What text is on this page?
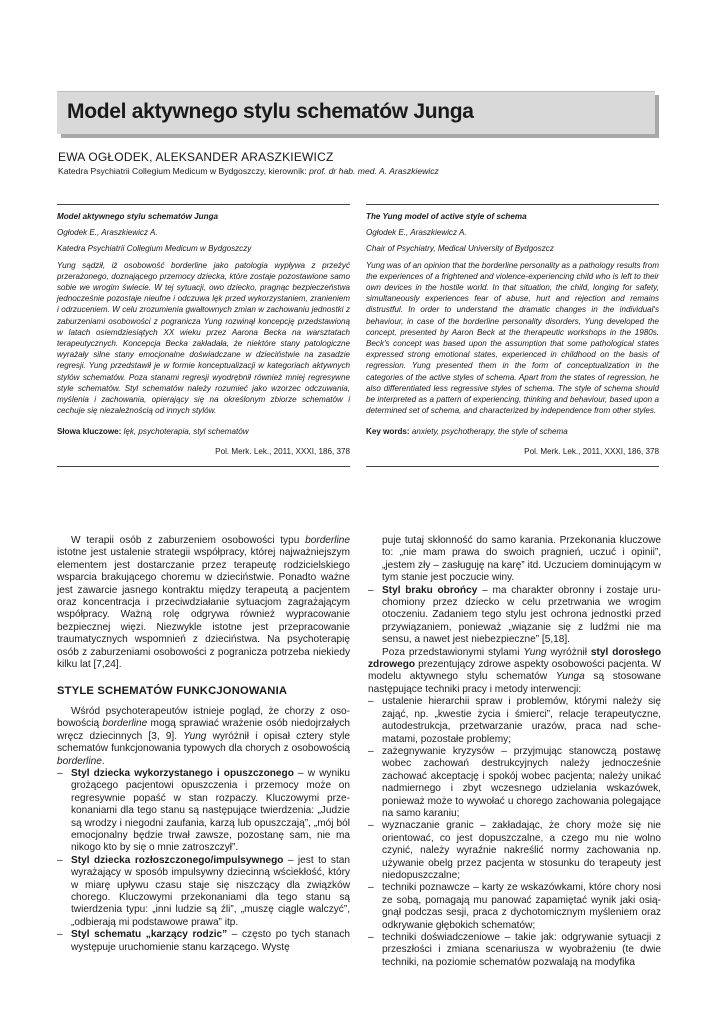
Model aktywnego stylu schematów Junga
EWA OGŁODEK, ALEKSANDER ARASZKIEWICZ
Katedra Psychiatrii Collegium Medicum w Bydgoszczy, kierownik: prof. dr hab. med. A. Araszkiewicz

Model aktywnego stylu schematów Junga

Ogłodek E., Araszkiewicz A.

Katedra Psychiatrii Collegium Medicum w Bydgoszczy

Yung sądził, iż osobowość borderline jako patologia wypływa z przeżyć przerażonego, doznającego przemocy dziecka, które zostaje pozostawione samo sobie we wrogim świecie. W tej sytuacji, owo dziecko, pragnąc bezpieczeństwa jednocześnie pozostaje nieufne i odczuwa lęk przed wykorzystaniem, zranieniem i odrzuceniem. W celu zrozumienia gwałtownych zmian w zachowaniu jednostki z zaburzeniami osobowości z pogranicza Yung rozwinął koncepcję przedstawioną w latach osiemdziesiątych XX wieku przez Aarona Becka na warsztatach terapeutycznych. Koncepcja Becka zakładała, że niektóre stany patologiczne wyrażały silne stany emocjonalne doświadczane w dzieciństwie na zasadzie regresji. Yung przedstawił je w formie konceptualizacji w kategoriach aktywnych stylów schematów. Poza stanami regresji wyodrębnił również mniej regresywne style schematów. Styl schematów należy rozumieć jako wzorzec odczuwania, myślenia i zachowania, opierający się na określonym zbiorze schematów i cechuje się niezależnością od innych stylów.

Słowa kluczowe: lęk, psychoterapia, styl schematów

Pol. Merk. Lek., 2011, XXXI, 186, 378

The Yung model of active style of schema

Ogłodek E., Araszkiewicz A.

Chair of Psychiatry, Medical University of Bydgoszcz

Yung was of an opinion that the borderline personality as a pathology results from the experiences of a frightened and violence-experiencing child who is left to their own devices in the hostile world. In that situation, the child, longing for safety, simultaneously experiences fear of abuse, hurt and rejection and remains distrustful. In order to understand the dramatic changes in the individual's behaviour, in case of the borderline personality disorders, Yung developed the concept, presented by Aaron Beck at the therapeutic workshops in the 1980s. Beck's concept was based upon the assumption that some pathological states expressed strong emotional states, experienced in childhood on the basis of regression. Yung presented them in the form of conceptualization in the categories of the active styles of schema. Apart from the states of regression, he also differentiated less regressive styles of schema. The style of schema should be interpreted as a pattern of experiencing, thinking and behaviour, based upon a determined set of schema, and characterized by independence from other styles.

Key words: anxiety, psychotherapy, the style of schema

Pol. Merk. Lek., 2011, XXXI, 186, 378

W terapii osób z zaburzeniem osobowości typu borderline istotne jest ustalenie strategii współpracy, której najważniejszym elementem jest dostarczanie przez terapeutę rodzicielskiego wsparcia brakującego choremu w dzieciństwie. Ponadto ważne jest zawarcie jasnego kontraktu między terapeutą a pacjentem oraz koncentracja i przeciwdziałanie sytuacjom zagrażającym współpracy. Ważną rolę odgrywa również wypracowanie bezpiecznej więzi. Niezwykle istotne jest przepracowanie traumatycznych wspomnień z dzieciństwa. Na psychoterapię osób z zaburzeniami osobowości z pogranicza potrzeba niekiedy kilku lat [7,24].

STYLE SCHEMATÓW FUNKCJONOWANIA

Wśród psychoterapeutów istnieje pogląd, że chorzy z osobowością borderline mogą sprawiać wrażenie osób niedojrzałych wręcz dziecinnych [3, 9]. Yung wyróżnił i opisał cztery style schematów funkcjonowania typowych dla chorych z osobowością borderline.

– Styl dziecka wykorzystanego i opuszczonego – w wyniku grożącego pacjentowi opuszczenia i przemocy może on regresywnie popaść w stan rozpaczy. Kluczowymi przekonaniami dla tego stanu są następujące twierdzenia: „Judzie są wrodzy i niegodni zaufania, karzą lub opuszczają”, „mój ból emocjonalny będzie trwał zawsze, pozostanę sam, nie ma nikogo kto by się o mnie zatroszczył”.
– Styl dziecka rozłoszczonego/impulsywnego – jest to stan wyrażający w sposób impulsywny dziecinną wściekłość, który w miarę upływu czasu staje się niszczący dla związków chorego. Kluczowymi przekonaniami dla tego stanu są twierdzenia typu: „inni ludzie są źli”, „muszę ciągle walczyć”, „odbierają mi podstawowe prawa” itp.
– Styl schematu „karzący rodzic” – często po tych stanach występuje uruchomienie stanu karzącego. Wystę

puje tutaj skłonność do samo karania. Przekonania kluczowe to: „nie mam prawa do swoich pragnień, uczuć i opinii”, „jestem zły – zasługuję na karę” itd. Uczuciem dominującym w tym stanie jest poczucie winy.

– Styl braku obrońcy – ma charakter obronny i zostaje uruchomiony przez dziecko w celu przetrwania we wrogim otoczeniu. Zadaniem tego stylu jest ochrona jednostki przed przywiązaniem, ponieważ „wiązanie się z ludźmi nie ma sensu, a nawet jest niebezpieczne” [5,18].

Poza przedstawionymi stylami Yung wyróżnił styl dorosłego zdrowego prezentujący zdrowe aspekty osobowości pacjenta. W modelu aktywnego stylu schematów Yunga są stosowane następujące techniki pracy i metody interwencji:

– ustalenie hierarchii spraw i problemów, którymi należy się zająć, np. „kwestie życia i śmierci”, relacje terapeutyczne, autodestrukcja, przetwarzanie urazów, praca nad schematami, pozostałe problemy;
– zażegnywanie kryzysów – przyjmując stanowczą postawę wobec zachowań destrukcyjnych należy jednocześnie zachować akceptację i spokój wobec pacjenta; należy unikać nadmiernego i zbyt wczesnego udzielania wskazówek, ponieważ może to wywołać u chorego zachowania polegające na samo karaniu;
– wyznaczanie granic – zakładając, że chory może się nie orientować, co jest dopuszczalne, a czego mu nie wolno czynić, należy wyraźnie nakreślić normy zachowania np. używanie obelg przez pacjenta w stosunku do terapeuty jest niedopuszczalne;
– techniki poznawcze – karty ze wskazówkami, które chory nosi ze sobą, pomagają mu panować zapamiętać wynik jaki osiągnął podczas sesji, praca z dychotomicznym myśleniem oraz odkrywanie głębokich schematów;
– techniki doświadczeniowe – takie jak: odgrywanie sytuacji z przeszłości i zmiana scenariusza w wyobrażeniu (te dwie techniki, na poziomie schematów pozwalają na modyfika
